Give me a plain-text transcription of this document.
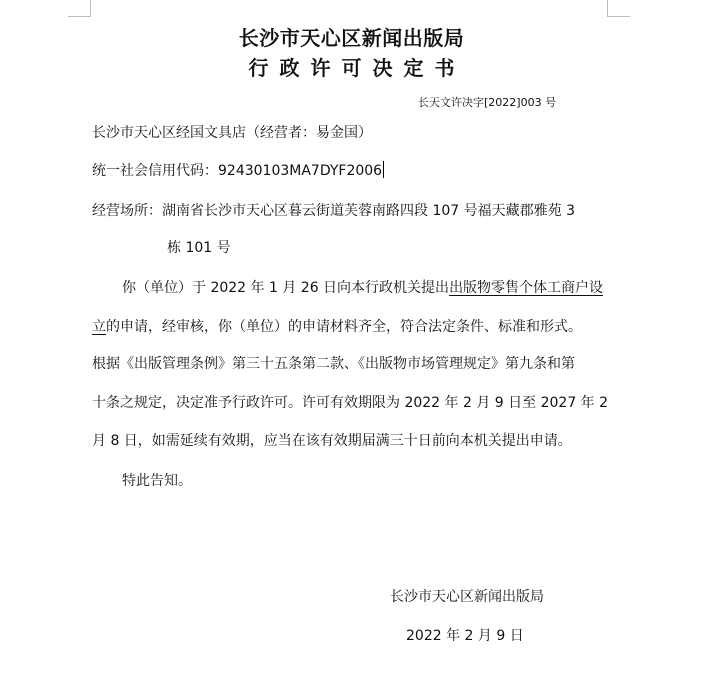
长沙市天心区新闻出版局
行政许可决定书
长天文许决字[2022]003 号
长沙市天心区经国文具店（经营者：易金国）
统一社会信用代码：92430103MA7DYF2006
经营场所：湖南省长沙市天心区暮云街道芙蓉南路四段 107 号福天藏郡雅苑 3
栋 101 号
你（单位）于 2022 年 1 月 26 日向本行政机关提出出版物零售个体工商户设
立的申请，经审核，你（单位）的申请材料齐全，符合法定条件、标准和形式。
根据《出版管理条例》第三十五条第二款、《出版物市场管理规定》第九条和第
十条之规定，决定准予行政许可。许可有效期限为 2022 年 2 月 9 日至 2027 年 2
月 8 日，如需延续有效期，应当在该有效期届满三十日前向本机关提出申请。
特此告知。
长沙市天心区新闻出版局
2022 年 2 月 9 日
